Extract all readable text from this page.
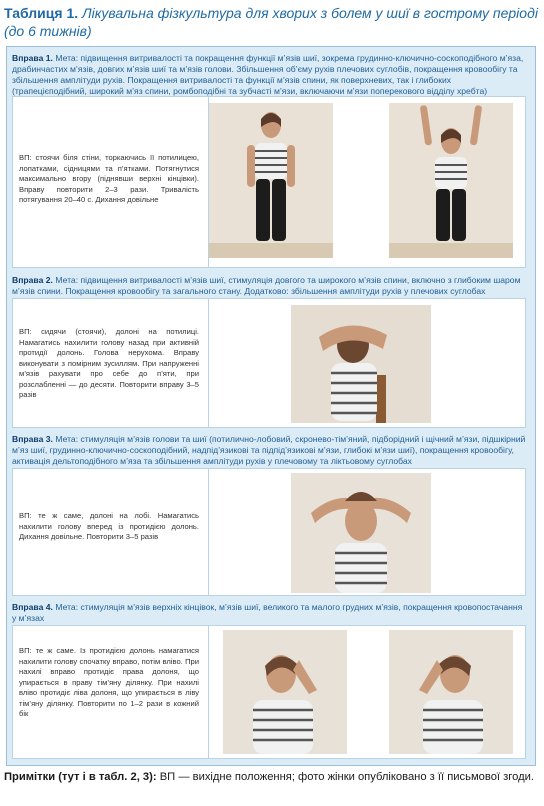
Таблиця 1. Лікувальна фізкультура для хворих з болем у шиї в гострому періоді (до 6 тижнів)
Вправа 1. Мета: підвищення витривалості та покращення функції м’язів шиї, зокрема грудинно-ключично-соскоподібного м’яза, драбинчастих м’язів, довгих м’язів шиї та м’язів голови. Збільшення об’єму рухів плечових суглобів, покращення кровообігу та збільшення амплітуди рухів. Покращення витривалості та функції м’язів спини, як поверхневих, так і глибоких (трапецієподібний, широкий м’яз спини, ромбоподібні та зубчасті м’язи, включаючи м’язи поперекового відділу хребта)
ВП: стоячи біля стіни, торкаючись її потилицею, лопатками, сідницями та п’ятками. Потягнутися максимально вгору (піднявши верхні кінцівки). Вправу повторити 2–3 рази. Тривалість потягування 20–40 с. Дихання довільне
Вправа 2. Мета: підвищення витривалості м’язів шиї, стимуляція довгого та широкого м’язів спини, включно з глибоким шаром м’язів спини. Покращення кровообігу та загального стану. Додатково: збільшення амплітуди рухів у плечових суглобах
ВП: сидячи (стоячи), долоні на потилиці. Намагатись нахилити голову назад при активній протидії долонь. Голова нерухома. Вправу виконувати з помірним зусиллям. При напруженні м’язів рахувати про себе до п’яти, при розслабленні — до десяти. Повторити вправу 3–5 разів
Вправа 3. Мета: стимуляція м’язів голови та шиї (потилично-лобовий, скронево-тім’яний, підборідний і щічний м’язи, підшкірний м’яз шиї, грудинно-ключично-соскоподібний, надпід’язикові та підпід’язикові м’язи, глибокі м’язи шиї), покращення кровообігу, активація дельтоподібного м’яза та збільшення амплітуди рухів у плечовому та ліктьовому суглобах
ВП: те ж саме, долоні на лобі. Намагатись нахилити голову вперед із протидією долонь. Дихання довільне. Повторити 3–5 разів
Вправа 4. Мета: стимуляція м’язів верхніх кінцівок, м’язів шиї, великого та малого грудних м’язів, покращення кровопостачання у м’язах
ВП: те ж саме. Із протидією долонь намагатися нахилити голову спочатку вправо, потім вліво. При нахилі вправо протидіє права долоня, що упирається в праву тім’яну ділянку. При нахилі вліво протидіє ліва долоня, що упирається в ліву тім’яну ділянку. Повторити по 1–2 рази в кожний бік
Примітки (тут і в табл. 2, 3): ВП — вихідне положення; фото жінки опубліковано з її письмової згоди.
